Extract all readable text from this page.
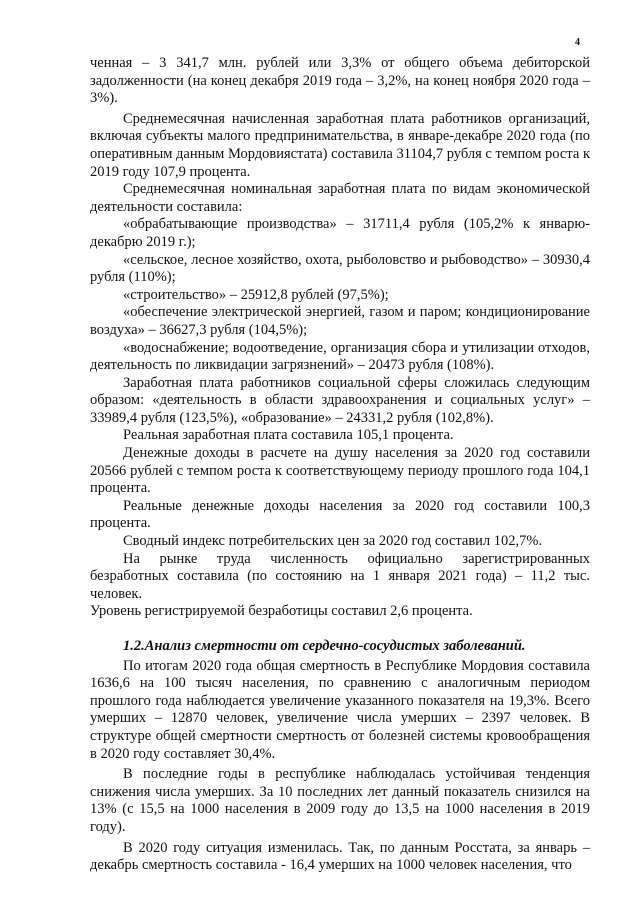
4

ченная – 3 341,7 млн. рублей или 3,3% от общего объема дебиторской задолженности (на конец декабря 2019 года – 3,2%, на конец ноября 2020 года – 3%).

Среднемесячная начисленная заработная плата работников организаций, включая субъекты малого предпринимательства, в январе-декабре 2020 года (по оперативным данным Мордовиястата) составила 31104,7 рубля с темпом роста к 2019 году 107,9 процента.

Среднемесячная номинальная заработная плата по видам экономической деятельности составила:

«обрабатывающие производства» – 31711,4 рубля (105,2% к январю-декабрю 2019 г.);

«сельское, лесное хозяйство, охота, рыболовство и рыбоводство» – 30930,4 рубля (110%);

«строительство» – 25912,8 рублей (97,5%);

«обеспечение электрической энергией, газом и паром; кондиционирование воздуха» – 36627,3 рубля (104,5%);

«водоснабжение; водоотведение, организация сбора и утилизации отходов, деятельность по ликвидации загрязнений» – 20473 рубля (108%).

Заработная плата работников социальной сферы сложилась следующим образом: «деятельность в области здравоохранения и социальных услуг» – 33989,4 рубля (123,5%), «образование» – 24331,2 рубля (102,8%).

Реальная заработная плата составила 105,1 процента.

Денежные доходы в расчете на душу населения за 2020 год составили 20566 рублей с темпом роста к соответствующему периоду прошлого года 104,1 процента.

Реальные денежные доходы населения за 2020 год составили 100,3 процента.

Сводный индекс потребительских цен за 2020 год составил 102,7%.

На рынке труда численность официально зарегистрированных безработных составила (по состоянию на 1 января 2021 года) – 11,2 тыс. человек.

Уровень регистрируемой безработицы составил 2,6 процента.

1.2.Анализ смертности от сердечно-сосудистых заболеваний.

По итогам 2020 года общая смертность в Республике Мордовия составила 1636,6 на 100 тысяч населения, по сравнению с аналогичным периодом прошлого года наблюдается увеличение указанного показателя на 19,3%. Всего умерших – 12870 человек, увеличение числа умерших – 2397 человек. В структуре общей смертности смертность от болезней системы кровообращения в 2020 году составляет 30,4%.

В последние годы в республике наблюдалась устойчивая тенденция снижения числа умерших. За 10 последних лет данный показатель снизился на 13% (с 15,5 на 1000 населения в 2009 году до 13,5 на 1000 населения в 2019 году).

В 2020 году ситуация изменилась. Так, по данным Росстата, за январь – декабрь смертность составила - 16,4 умерших на 1000 человек населения, что
